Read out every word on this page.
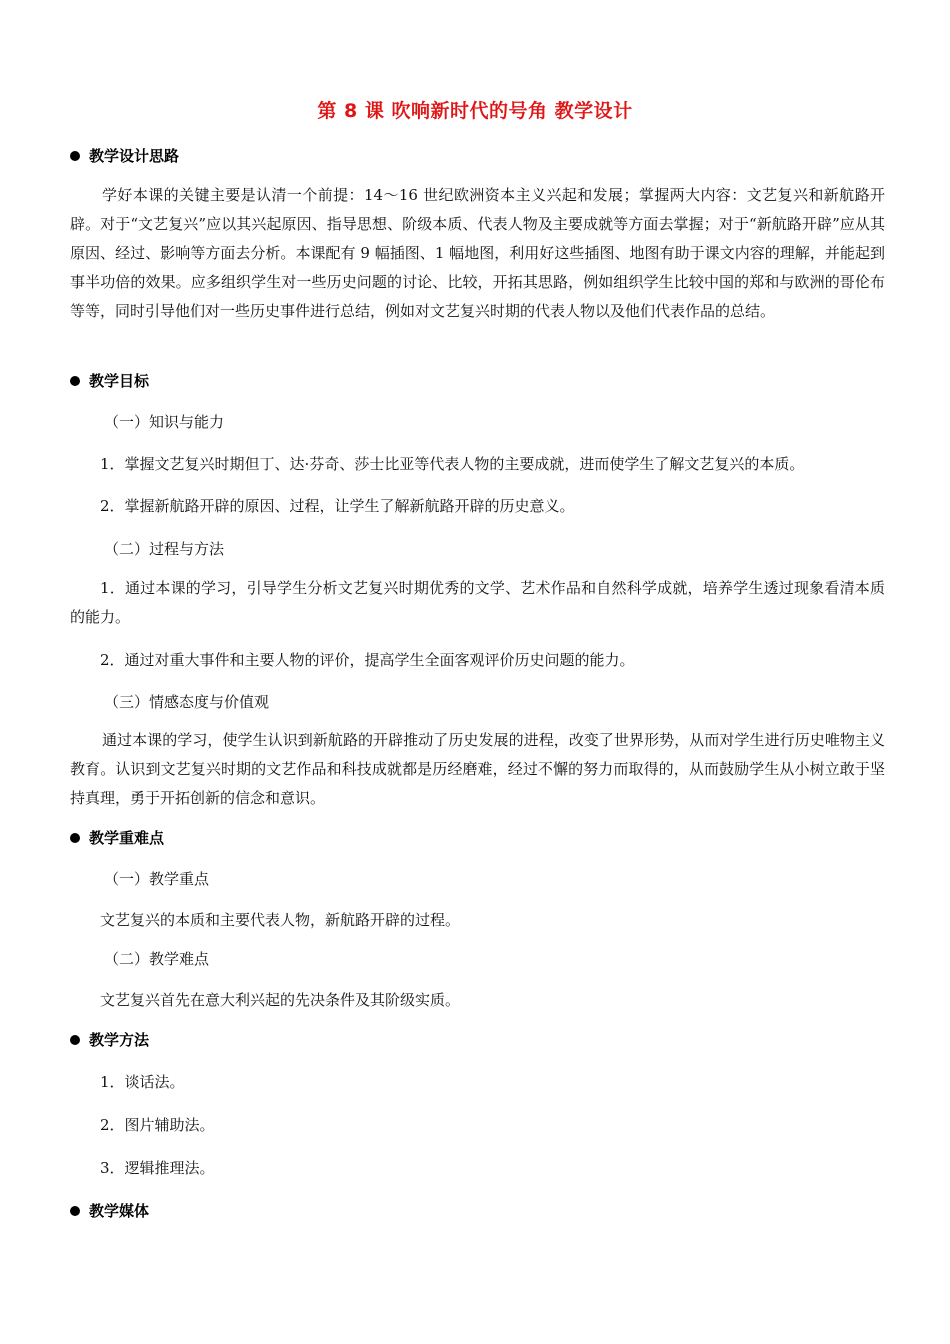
第 8 课 吹响新时代的号角 教学设计
教学设计思路
学好本课的关键主要是认清一个前提：14～16 世纪欧洲资本主义兴起和发展；掌握两大内容：文艺复兴和新航路开辟。对于“文艺复兴”应以其兴起原因、指导思想、阶级本质、代表人物及主要成就等方面去掌握；对于“新航路开辟”应从其原因、经过、影响等方面去分析。本课配有 9 幅插图、1 幅地图，利用好这些插图、地图有助于课文内容的理解，并能起到事半功倍的效果。应多组织学生对一些历史问题的讨论、比较，开拓其思路，例如组织学生比较中国的郑和与欧洲的哥伦布等等，同时引导他们对一些历史事件进行总结，例如对文艺复兴时期的代表人物以及他们代表作品的总结。
教学目标
（一）知识与能力
1．掌握文艺复兴时期但丁、达·芬奇、莎士比亚等代表人物的主要成就，进而使学生了解文艺复兴的本质。
2．掌握新航路开辟的原因、过程，让学生了解新航路开辟的历史意义。
（二）过程与方法
1．通过本课的学习，引导学生分析文艺复兴时期优秀的文学、艺术作品和自然科学成就，培养学生透过现象看清本质的能力。
2．通过对重大事件和主要人物的评价，提高学生全面客观评价历史问题的能力。
（三）情感态度与价值观
通过本课的学习，使学生认识到新航路的开辟推动了历史发展的进程，改变了世界形势，从而对学生进行历史唯物主义教育。认识到文艺复兴时期的文艺作品和科技成就都是历经磨难，经过不懈的努力而取得的，从而鼓励学生从小树立敢于坚持真理，勇于开拓创新的信念和意识。
教学重难点
（一）教学重点
文艺复兴的本质和主要代表人物，新航路开辟的过程。
（二）教学难点
文艺复兴首先在意大利兴起的先决条件及其阶级实质。
教学方法
1．谈话法。
2．图片辅助法。
3．逻辑推理法。
教学媒体
